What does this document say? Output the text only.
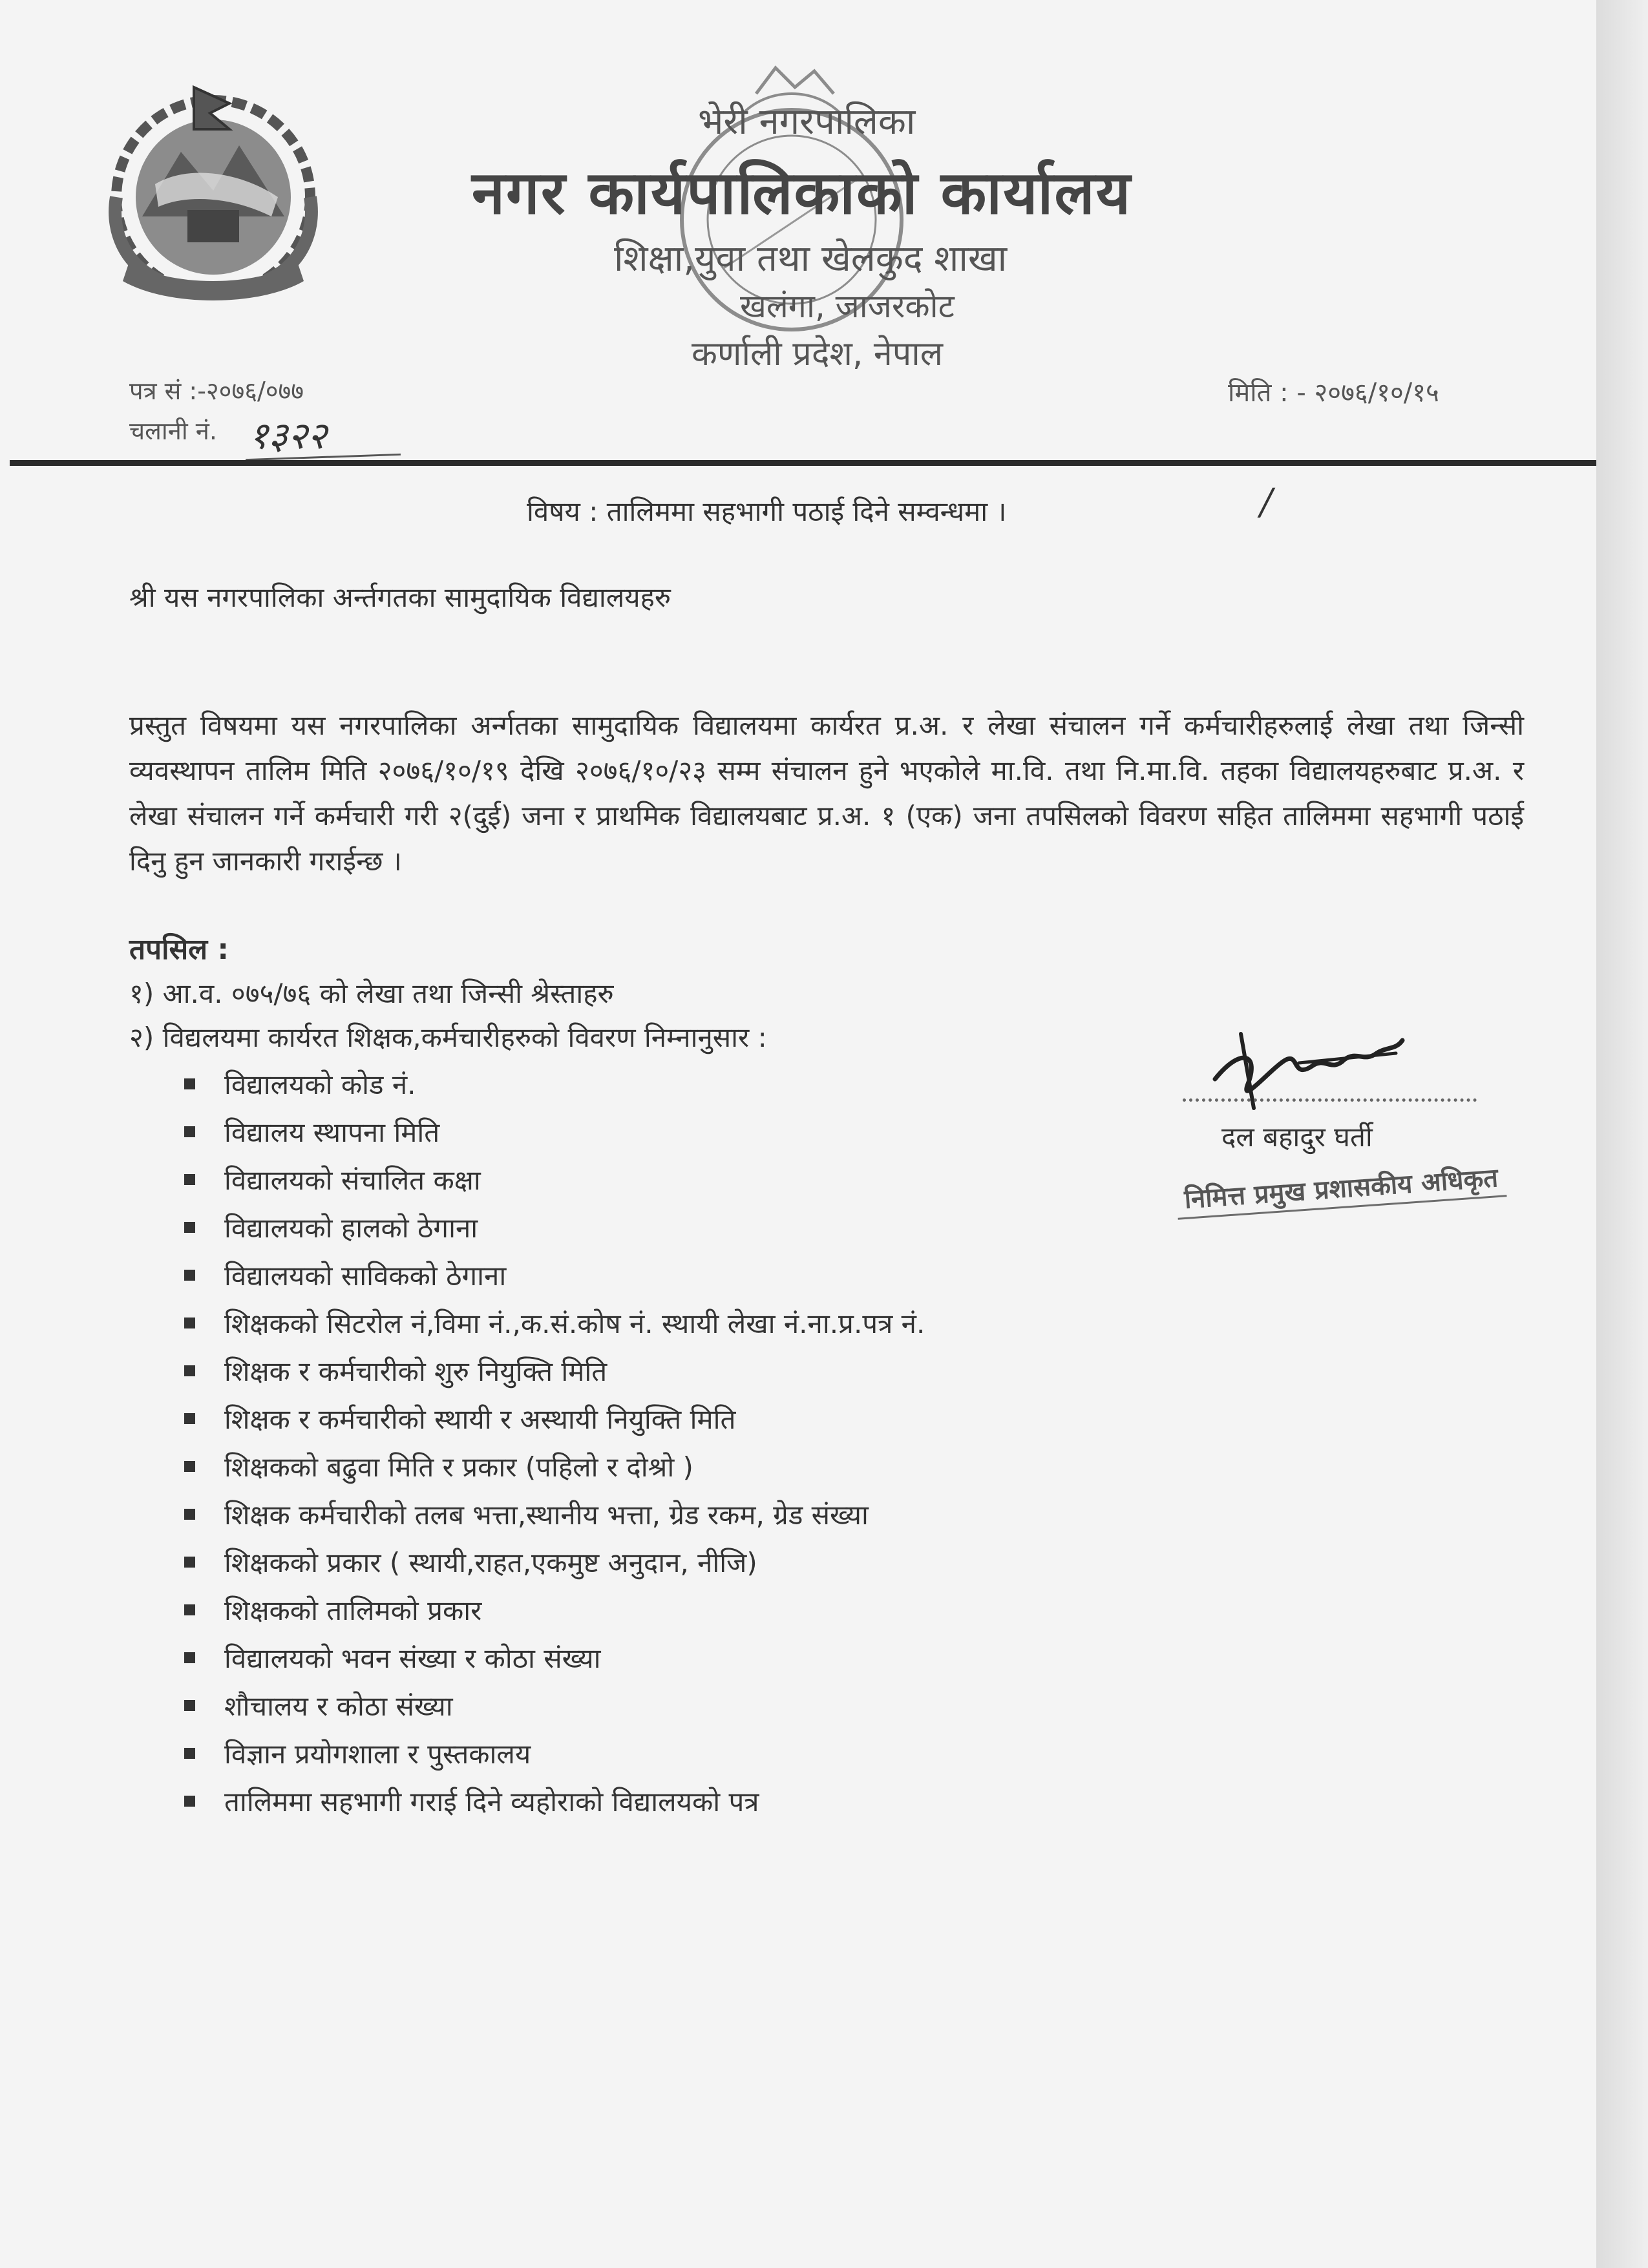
भेरी नगरपालिका
नगर कार्यपालिकाको कार्यालय
शिक्षा,युवा तथा खेलकुद शाखा
खलंगा, जाजरकोट
कर्णाली प्रदेश, नेपाल
पत्र सं :-२०७६/०७७
चलानी नं. १३२२
मिति : - २०७६/१०/१५
विषय : तालिममा सहभागी पठाई दिने सम्वन्धमा ।	/
श्री यस नगरपालिका अर्न्तगतका सामुदायिक विद्यालयहरु
प्रस्तुत विषयमा यस नगरपालिका अर्न्गतका सामुदायिक विद्यालयमा कार्यरत प्र.अ. र लेखा संचालन गर्ने कर्मचारीहरुलाई लेखा तथा जिन्सी व्यवस्थापन तालिम मिति २०७६/१०/१९ देखि २०७६/१०/२३ सम्म संचालन हुने भएकोले मा.वि. तथा नि.मा.वि. तहका विद्यालयहरुबाट प्र.अ. र लेखा संचालन गर्ने कर्मचारी गरी २(दुई) जना र प्राथमिक विद्यालयबाट प्र.अ. १ (एक) जना तपसिलको विवरण सहित तालिममा सहभागी पठाई दिनु हुन जानकारी गराईन्छ ।
तपसिल :
१) आ.व. ०७५/७६ को लेखा तथा जिन्सी श्रेस्ताहरु
२) विद्यलयमा कार्यरत शिक्षक,कर्मचारीहरुको विवरण निम्नानुसार :
विद्यालयको कोड नं.
विद्यालय स्थापना मिति
विद्यालयको संचालित कक्षा
विद्यालयको हालको ठेगाना
विद्यालयको साविकको ठेगाना
शिक्षकको सिटरोल नं,विमा नं.,क.सं.कोष नं. स्थायी लेखा नं.ना.प्र.पत्र नं.
शिक्षक र कर्मचारीको शुरु नियुक्ति मिति
शिक्षक र कर्मचारीको स्थायी र अस्थायी नियुक्ति मिति
शिक्षकको बढुवा मिति र प्रकार (पहिलो र दोश्रो )
शिक्षक कर्मचारीको तलब भत्ता,स्थानीय भत्ता, ग्रेड रकम, ग्रेड संख्या
शिक्षकको प्रकार ( स्थायी,राहत,एकमुष्ट अनुदान, नीजि)
शिक्षकको तालिमको प्रकार
विद्यालयको भवन संख्या र कोठा संख्या
शौचालय र कोठा संख्या
विज्ञान प्रयोगशाला र पुस्तकालय
तालिममा सहभागी गराई दिने व्यहोराको विद्यालयको पत्र
दल बहादुर घर्ती
निमित्त प्रमुख प्रशासकीय अधिकृत
